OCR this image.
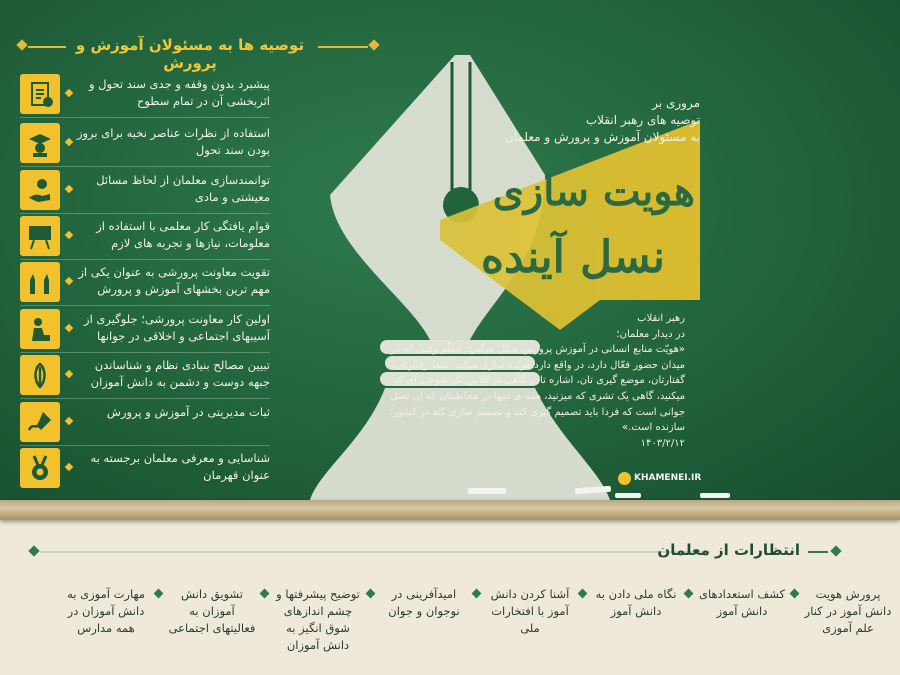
توصیه ها به مسئولان آموزش و پرورش
پیشبرد بدون وقفه و جدی سند تحول و اثربخشی آن در تمام سطوح
استفاده از نظرات عناصر نخبه برای بروز بودن سند تحول
توانمندسازی معلمان از لحاظ مسائل معیشتی و مادی
قوام یافتگی کار معلمی با استفاده از معلومات، نیازها و تجربه های لازم
تقویت معاونت پرورشی به عنوان یکی از مهم ترین بخشهای آموزش و پرورش
اولین کار معاونت پرورشی؛ جلوگیری از آسیبهای اجتماعی و اخلاقی در جوانها
تبیین مصالح بنیادی نظام و شناساندن جبهه دوست و دشمن به دانش آموزان
ثبات مدیریتی در آموزش و پرورش
شناسایی و معرفی معلمان برجسته به عنوان قهرمان
مروری بر
توصیه های رهبر انقلاب
به مسئولان آموزش و پرورش و معلمان
هویت سازی
نسل آینده
رهبر انقلاب
در دیدار معلمان؛
«هویّت منابع انسانی در آموزش پرورش شکل میگیرد. معلّم وقتی که در میدان حضور فعّال دارد، در واقع دارد هویّت سازی میکند. شما رفتارتان، گفتارتان، موضع گیری تان، اشاره تان، گاهی در کلاس یک شوخی ای که میکنید، گاهی یک تشری که میزنید، همه ی اینها در مخاطبتان که آن نسل جوانی است که فردا باید تصمیم گیری کند و تصمیم سازی کند در کشور، سازنده است.»
۱۴۰۳/۲/۱۲
KHAMENEI.IR
انتظارات از معلمان
پرورش هویت دانش آموز در کنار علم آموزی
کشف استعدادهای دانش آموز
نگاه ملی دادن به دانش آموز
آشنا کردن دانش آموز با افتخارات ملی
امیدآفرینی در نوجوان و جوان
توضیح پیشرفتها و چشم اندازهای شوق انگیز به دانش آموزان
تشویق دانش آموزان به فعالیتهای اجتماعی
مهارت آموزی به دانش آموزان در همه مدارس
